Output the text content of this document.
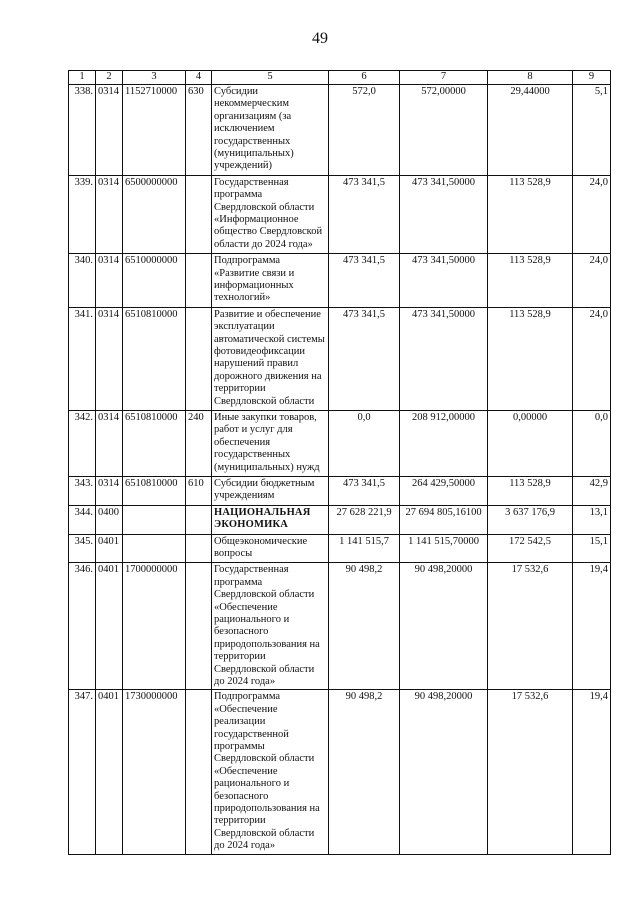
49
1	2	3	4	5	6	7	8	9
338.	0314	1152710000	630	Субсидии некоммерческим организациям (за исключением государственных (муниципальных) учреждений)	572,0	572,00000	29,44000	5,1
339.	0314	6500000000		Государственная программа Свердловской области «Информационное общество Свердловской области до 2024 года»	473 341,5	473 341,50000	113 528,9	24,0
340.	0314	6510000000		Подпрограмма «Развитие связи и информационных технологий»	473 341,5	473 341,50000	113 528,9	24,0
341.	0314	6510810000		Развитие и обеспечение эксплуатации автоматической системы фотовидеофиксации нарушений правил дорожного движения на территории Свердловской области	473 341,5	473 341,50000	113 528,9	24,0
342.	0314	6510810000	240	Иные закупки товаров, работ и услуг для обеспечения государственных (муниципальных) нужд	0,0	208 912,00000	0,00000	0,0
343.	0314	6510810000	610	Субсидии бюджетным учреждениям	473 341,5	264 429,50000	113 528,9	42,9
344.	0400			НАЦИОНАЛЬНАЯ ЭКОНОМИКА	27 628 221,9	27 694 805,16100	3 637 176,9	13,1
345.	0401			Общеэкономические вопросы	1 141 515,7	1 141 515,70000	172 542,5	15,1
346.	0401	1700000000		Государственная программа Свердловской области «Обеспечение рационального и безопасного природопользования на территории Свердловской области до 2024 года»	90 498,2	90 498,20000	17 532,6	19,4
347.	0401	1730000000		Подпрограмма «Обеспечение реализации государственной программы Свердловской области «Обеспечение рационального и безопасного природопользования на территории Свердловской области до 2024 года»	90 498,2	90 498,20000	17 532,6	19,4
